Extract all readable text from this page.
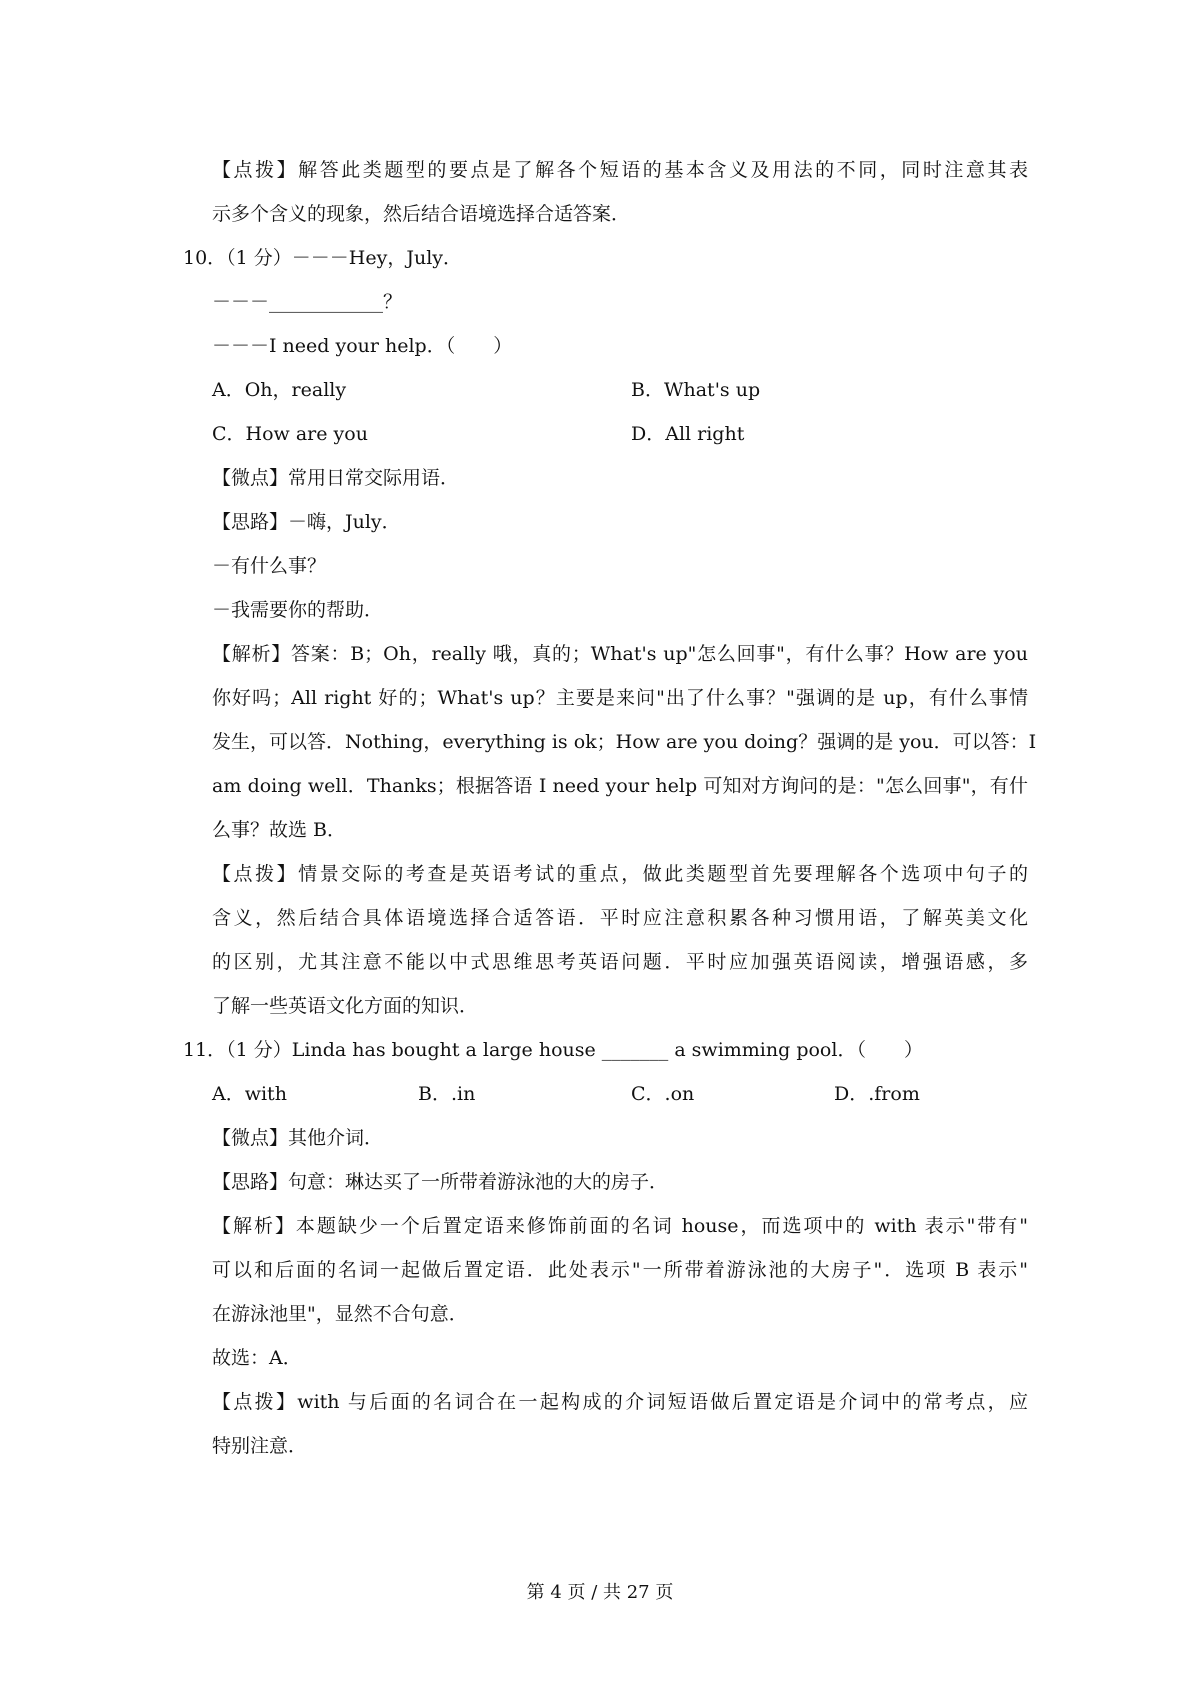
【点拨】解答此类题型的要点是了解各个短语的基本含义及用法的不同，同时注意其表
示多个含义的现象，然后结合语境选择合适答案．
10．（1 分）－－－Hey，July．
－－－____________？
－－－I need your help．（　　）
A．Oh，really	B．What's up
C．How are you	D．All right
【微点】常用日常交际用语．
【思路】－嗨，July．
－有什么事？
－我需要你的帮助．
【解析】答案：B；Oh，really 哦，真的；What's up"怎么回事"，有什么事？How are you
你好吗；All right 好的；What's up？主要是来问"出了什么事？"强调的是 up，有什么事情
发生，可以答．Nothing，everything is ok；How are you doing？强调的是 you．可以答：I
am doing well．Thanks；根据答语 I need your help 可知对方询问的是："怎么回事"，有什
么事？故选 B．
【点拨】情景交际的考查是英语考试的重点，做此类题型首先要理解各个选项中句子的
含义，然后结合具体语境选择合适答语．平时应注意积累各种习惯用语，了解英美文化
的区别，尤其注意不能以中式思维思考英语问题．平时应加强英语阅读，增强语感，多
了解一些英语文化方面的知识．
11．（1 分）Linda has bought a large house _______ a swimming pool．（　　）
A．with	B．.in	C．.on	D．.from
【微点】其他介词．
【思路】句意：琳达买了一所带着游泳池的大的房子．
【解析】本题缺少一个后置定语来修饰前面的名词 house，而选项中的 with 表示"带有"
可以和后面的名词一起做后置定语．此处表示"一所带着游泳池的大房子"．选项 B 表示"
在游泳池里"，显然不合句意．
故选：A．
【点拨】with 与后面的名词合在一起构成的介词短语做后置定语是介词中的常考点，应
特别注意．
第 4 页 / 共 27 页
